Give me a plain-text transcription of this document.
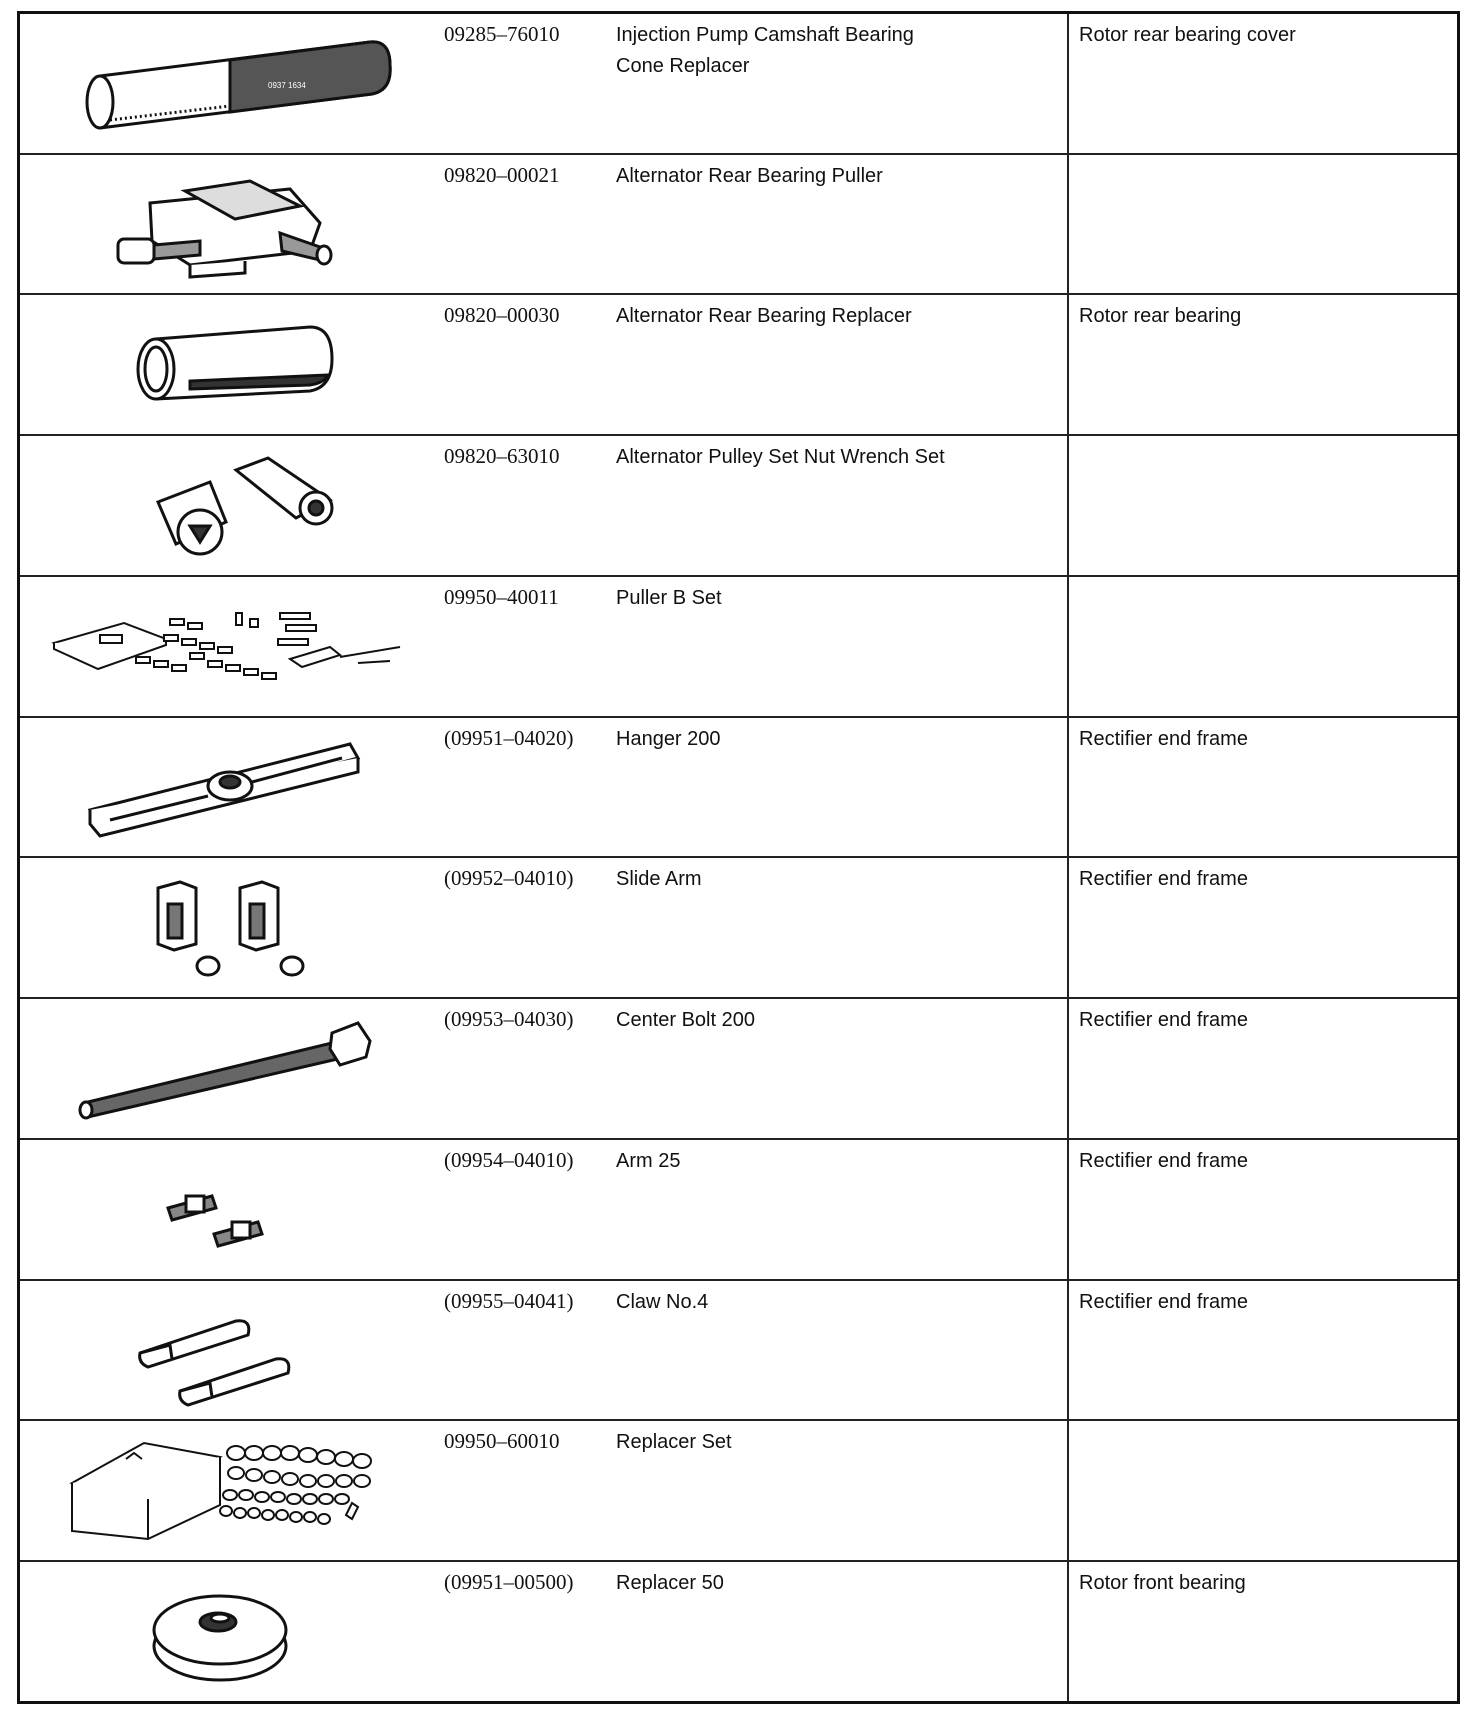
0937 1634
09285–76010 Injection Pump Camshaft Bearing Cone Replacer	Rotor rear bearing cover

09820–00021 Alternator Rear Bearing Puller	

09820–00030 Alternator Rear Bearing Replacer	Rotor rear bearing

09820–63010 Alternator Pulley Set Nut Wrench Set	

09950–40011 Puller B Set	

(09951–04020) Hanger 200	Rectifier end frame

(09952–04010) Slide Arm	Rectifier end frame

(09953–04030) Center Bolt 200	Rectifier end frame

(09954–04010) Arm 25	Rectifier end frame

(09955–04041) Claw No.4	Rectifier end frame

09950–60010 Replacer Set	

(09951–00500) Replacer 50	Rotor front bearing
